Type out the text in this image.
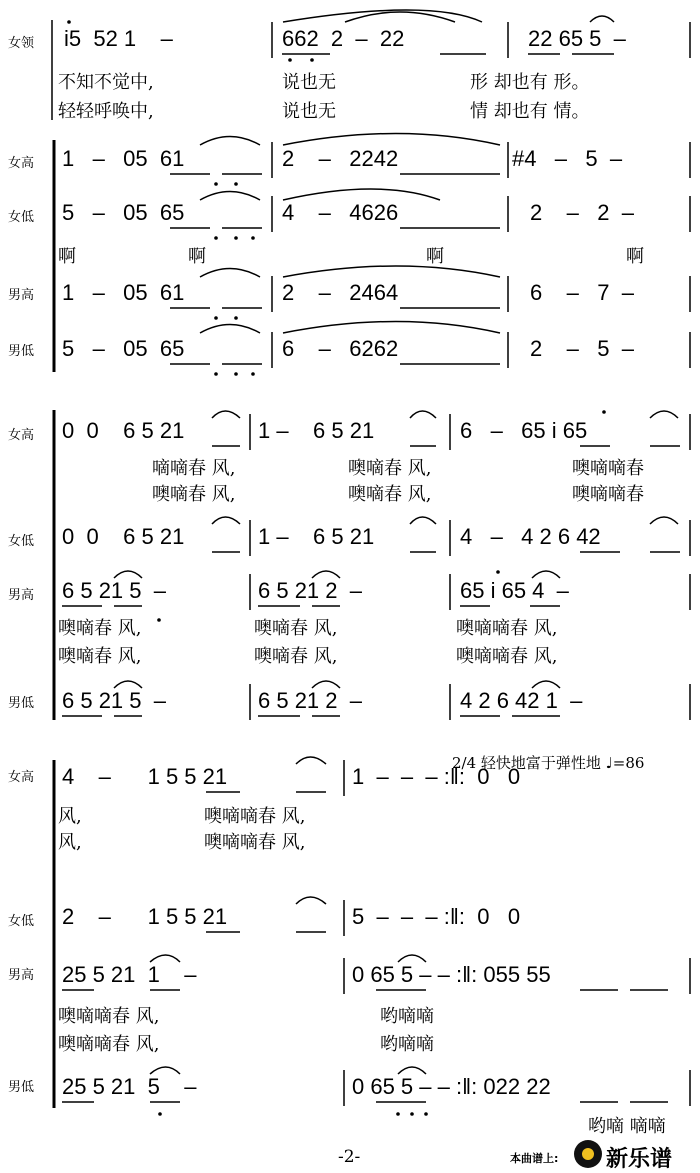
女领
女高
女低
男高
男低
i5  52 1    –	662  2  –  22	22 65 5  –
不知不觉中,	说也无	形 却也有 形。
轻轻呼唤中,	说也无	情 却也有 情。
1   –   05  61	2    –   2242	#4   –   5  –
5   –   05  65	4    –   4626	2    –   2  –
啊	啊	啊	啊
1   –   05  61	2    –   2464	6    –   7  –
5   –   05  65	6    –   6262	2    –   5  –
女高
女低
男高
男低
0  0    6 5 21	1 –    6 5 21	6   –   65 i 65
嘀嘀春 风,	噢嘀春 风,	噢嘀嘀春
噢嘀春 风,	噢嘀春 风,	噢嘀嘀春
0  0    6 5 21	1 –    6 5 21	4   –   4 2 6 42
6 5 21 5  –	6 5 21 2  –	65 i 65 4  –
噢嘀春 风,	噢嘀春 风,	噢嘀嘀春 风,
噢嘀春 风,	噢嘀春 风,	噢嘀嘀春 风,
6 5 21 5  –	6 5 21 2  –	4 2 6 42 1  –
2/4 轻快地富于弹性地 ♩=86
女高
女低
男高
男低
4    –      1 5 5 21	1  –  –  – :‖:  0   0
风,	噢嘀嘀春 风,
风,	噢嘀嘀春 风,
2    –      1 5 5 21	5  –  –  – :‖:  0   0
25 5 21  1    –	0 65 5 – – :‖: 055 55
噢嘀嘀春 风,	哟嘀嘀
噢嘀嘀春 风,	哟嘀嘀
25 5 21  5    –	0 65 5 – – :‖: 022 22
哟嘀 嘀嘀
-2-	本曲谱上: 新乐谱
